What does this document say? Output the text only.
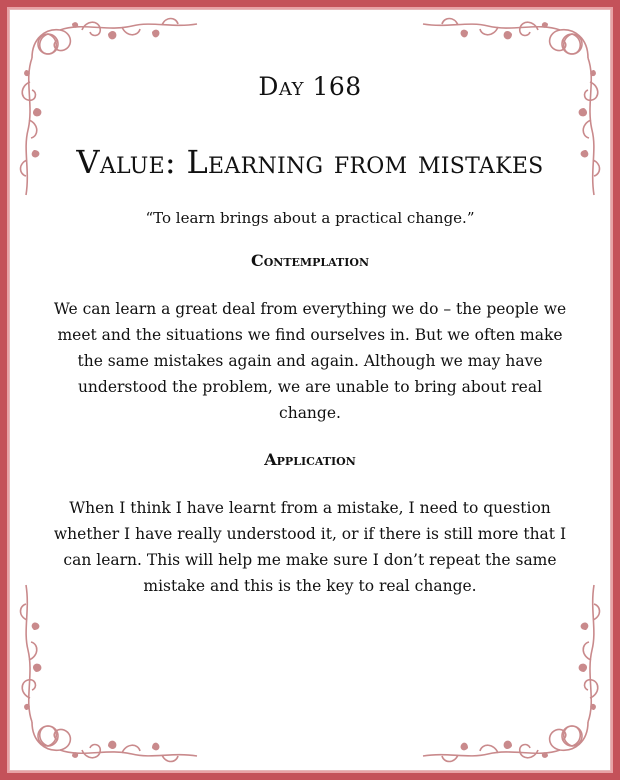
Day 168
Value: Learning from mistakes
“To learn brings about a practical change.”
Contemplation

We can learn a great deal from everything we do – the people we meet and the situations we find ourselves in. But we often make the same mistakes again and again. Although we may have understood the problem, we are unable to bring about real change.

Application

When I think I have learnt from a mistake, I need to question whether I have really understood it, or if there is still more that I can learn. This will help me make sure I don’t repeat the same mistake and this is the key to real change.
